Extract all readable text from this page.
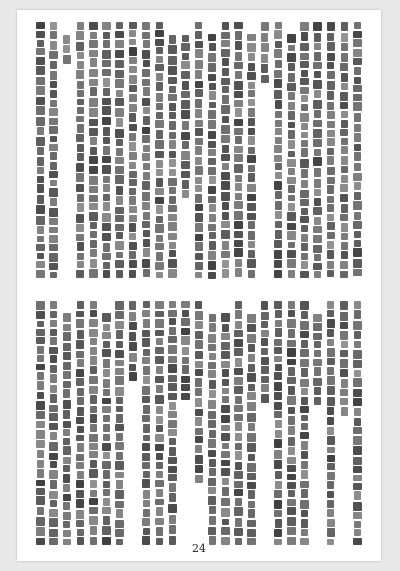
24
